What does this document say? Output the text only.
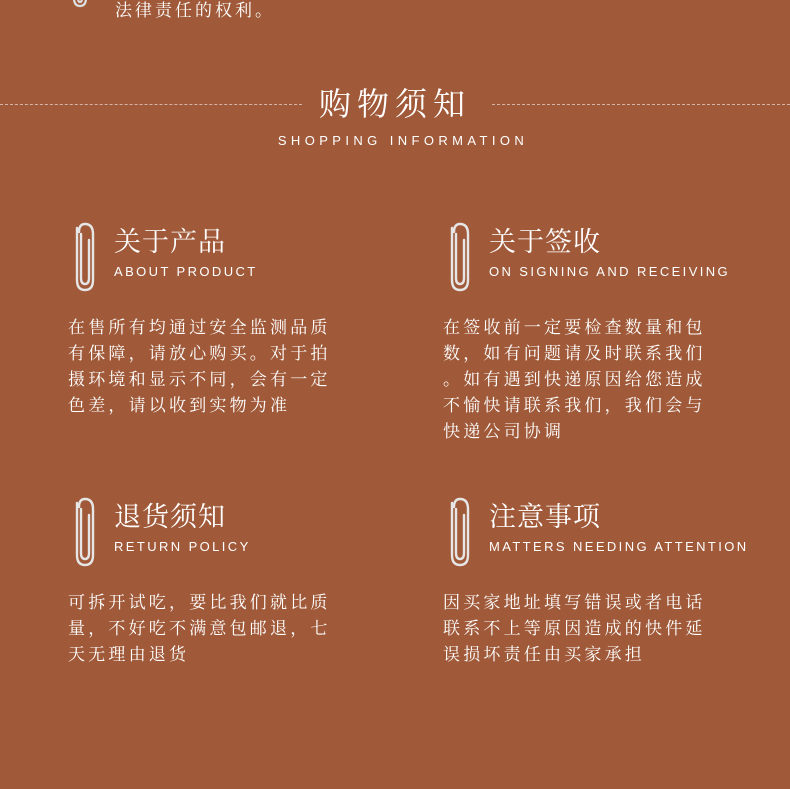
法律责任的权利。
购物须知
SHOPPING INFORMATION
关于产品
ABOUT PRODUCT
在售所有均通过安全监测品质
有保障，请放心购买。对于拍
摄环境和显示不同，会有一定
色差，请以收到实物为准
关于签收
ON SIGNING AND RECEIVING
在签收前一定要检查数量和包
数，如有问题请及时联系我们
。如有遇到快递原因给您造成
不愉快请联系我们，我们会与
快递公司协调
退货须知
RETURN POLICY
可拆开试吃，要比我们就比质
量，不好吃不满意包邮退，七
天无理由退货
注意事项
MATTERS NEEDING ATTENTION
因买家地址填写错误或者电话
联系不上等原因造成的快件延
误损坏责任由买家承担
